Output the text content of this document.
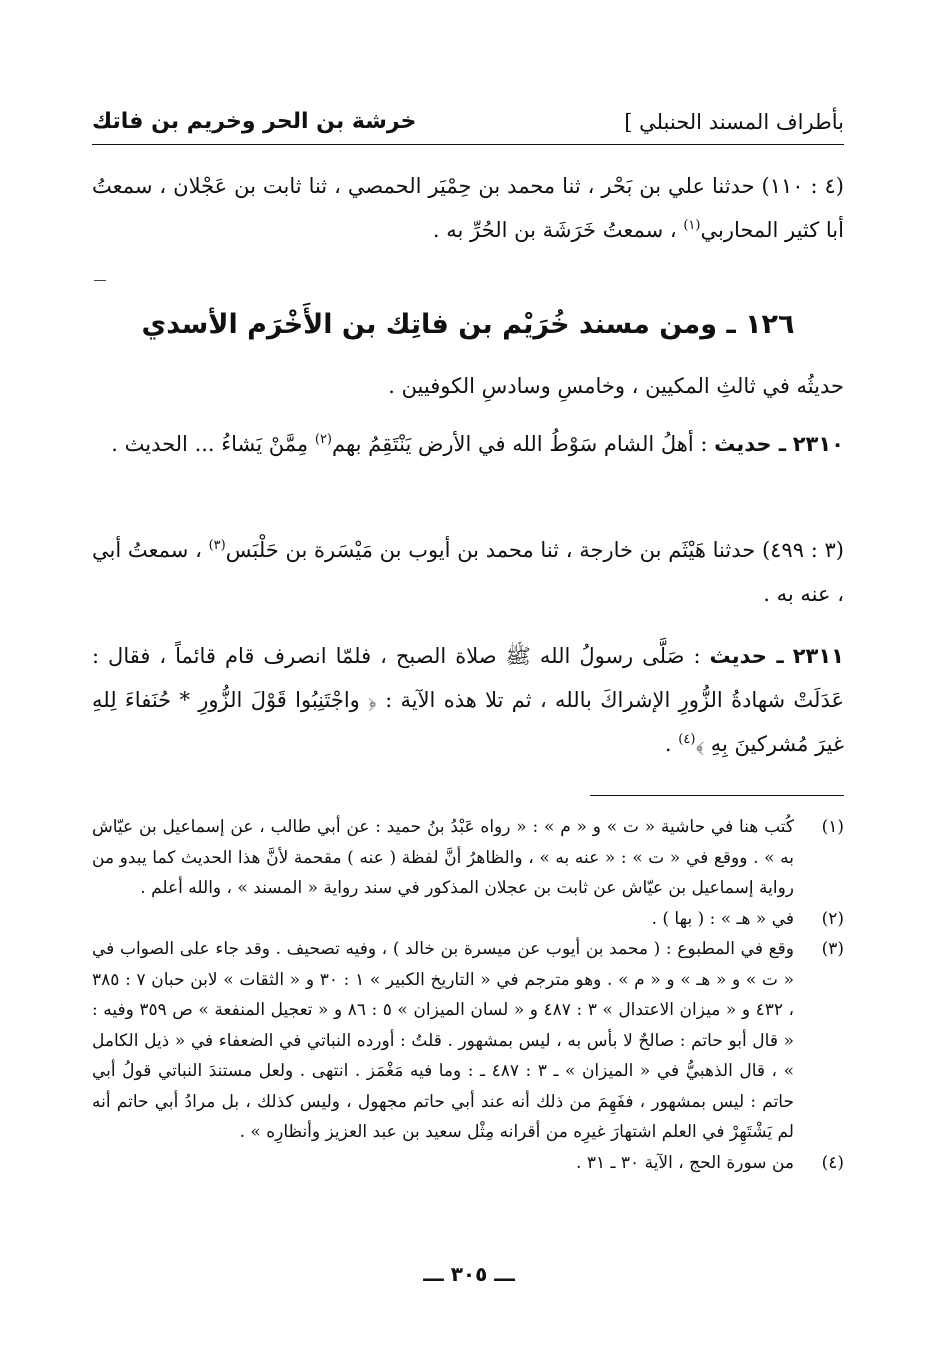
بأطراف المسند الحنبلي ]
خرشة بن الحر وخريم بن فاتك
(٤ : ١١٠) حدثنا علي بن بَحْر ، ثنا محمد بن حِمْيَر الحمصي ، ثنا ثابت بن عَجْلان ، سمعتُ أبا كثير المحاربي$^{(١)}$ ، سمعتُ خَرَشَة بن الحُرِّ به .
١٢٦ ـ ومن مسند خُرَيْم بن فاتِك بن الأَخْرَم الأسدي
حديثُه في ثالثِ المكيين ، وخامسِ وسادسِ الكوفيين .
٢٣١٠ ـ حديث : أهلُ الشام سَوْطُ الله في الأرض يَنْتَقِمُ بهم$^{(٢)}$ مِمَّنْ يَشاءُ ... الحديث .
(٣ : ٤٩٩) حدثنا هَيْثَم بن خارجة ، ثنا محمد بن أيوب بن مَيْسَرة بن حَلْبَس$^{(٣)}$ ، سمعتُ أبي ، عنه به .
٢٣١١ ـ حديث : صَلَّى رسولُ الله ﷺ صلاة الصبح ، فلمّا انصرف قام قائماً ، فقال : عَدَلَتْ شهادةُ الزُّورِ الإشراكَ بالله ، ثم تلا هذه الآية : ﴿ واجْتَنِبُوا قَوْلَ الزُّورِ * حُنَفاءَ لِلهِ غيرَ مُشركينَ بِهِ ﴾$^{(٤)}$ .
(١)
كُتب هنا في حاشية « ت » و « م » : « رواه عَبْدُ بنُ حميد : عن أبي طالب ، عن إسماعيل بن عيّاش به » . ووقع في « ت » : « عنه به » ، والظاهرُ أنَّ لفظة ( عنه ) مقحمة لأنَّ هذا الحديث كما يبدو من رواية إسماعيل بن عيّاش عن ثابت بن عجلان المذكور في سند رواية « المسند » ، والله أعلم .
(٢)
في « هـ » : ( بها ) .
(٣)
وقع في المطبوع : ( محمد بن أيوب عن ميسرة بن خالد ) ، وفيه تصحيف . وقد جاء على الصواب في « ت » و « هـ » و « م » . وهو مترجم في « التاريخ الكبير » ١ : ٣٠ و « الثقات » لابن حبان ٧ : ٣٨٥ ، ٤٣٢ و « ميزان الاعتدال » ٣ : ٤٨٧ و « لسان الميزان » ٥ : ٨٦ و « تعجيل المنفعة » ص ٣٥٩ وفيه : « قال أبو حاتم : صالحٌ لا بأس به ، ليس بمشهور . قلتُ : أورده النباتي في الضعفاء في « ذيل الكامل » ، قال الذهبيُّ في « الميزان » ـ ٣ : ٤٨٧ ـ : وما فيه مَغْمَز . انتهى . ولعل مستندَ النباتي قولُ أبي حاتم : ليس بمشهور ، ففَهِمَ من ذلك أنه عند أبي حاتم مجهول ، وليس كذلك ، بل مرادُ أبي حاتم أنه لم يَشْتَهِرْ في العلم اشتهارَ غيرِه من أقرانه مِثْل سعيد بن عبد العزيز وأنظارِه » .
(٤)
من سورة الحج ، الآية ٣٠ ـ ٣١ .
ـــ ٣٠٥ ـــ
